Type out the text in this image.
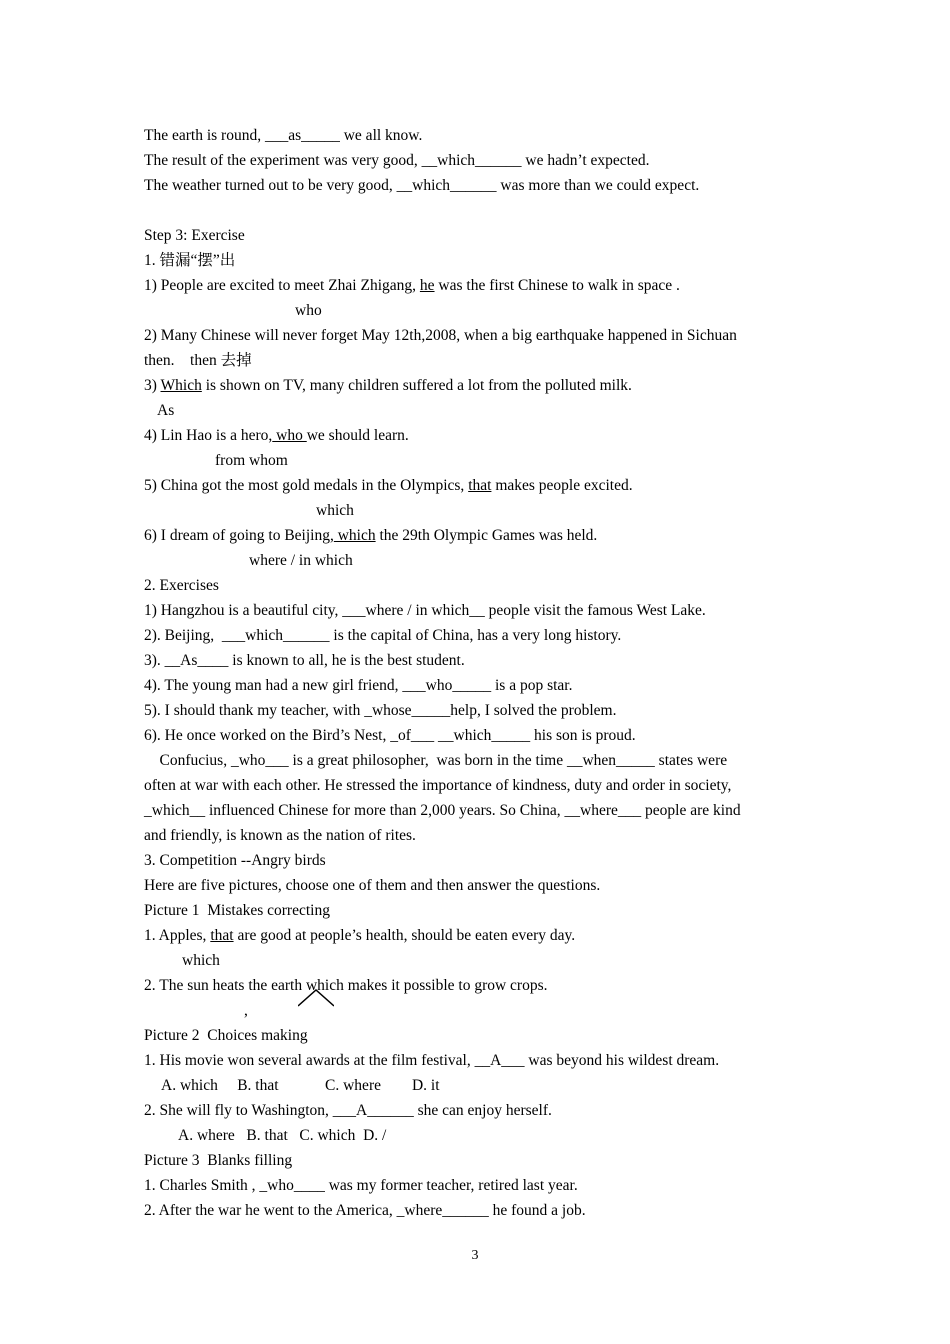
The earth is round, ___as_____ we all know.
The result of the experiment was very good, __which______ we hadn’t expected.
The weather turned out to be very good, __which______ was more than we could expect.
Step 3: Exercise
1. 错漏“摆”出
1) People are excited to meet Zhai Zhigang, he was the first Chinese to walk in space .
who
2) Many Chinese will never forget May 12th,2008, when a big earthquake happened in Sichuan
then.    then 去掉
3) Which is shown on TV, many children suffered a lot from the polluted milk.
As
4) Lin Hao is a hero, who we should learn.
from whom
5) China got the most gold medals in the Olympics, that makes people excited.
which
6) I dream of going to Beijing, which the 29th Olympic Games was held.
where / in which
2. Exercises
1) Hangzhou is a beautiful city, ___where / in which__ people visit the famous West Lake.
2). Beijing,  ___which______ is the capital of China, has a very long history.
3). __As____ is known to all, he is the best student.
4). The young man had a new girl friend, ___who_____ is a pop star.
5). I should thank my teacher, with _whose_____help, I solved the problem.
6). He once worked on the Bird’s Nest, _of___ __which_____ his son is proud.
Confucius, _who___ is a great philosopher,  was born in the time __when_____ states were
often at war with each other. He stressed the importance of kindness, duty and order in society,
_which__ influenced Chinese for more than 2,000 years. So China, __where___ people are kind
and friendly, is known as the nation of rites.
3. Competition --Angry birds
Here are five pictures, choose one of them and then answer the questions.
Picture 1  Mistakes correcting
1. Apples, that are good at people’s health, should be eaten every day.
which
2. The sun heats the earth which makes it possible to grow crops.
,
Picture 2  Choices making
1. His movie won several awards at the film festival, __A___ was beyond his wildest dream.
A. which     B. that            C. where        D. it
2. She will fly to Washington, ___A______ she can enjoy herself.
A. where   B. that   C. which  D. /
Picture 3  Blanks filling
1. Charles Smith , _who____ was my former teacher, retired last year.
2. After the war he went to the America, _where______ he found a job.
3
